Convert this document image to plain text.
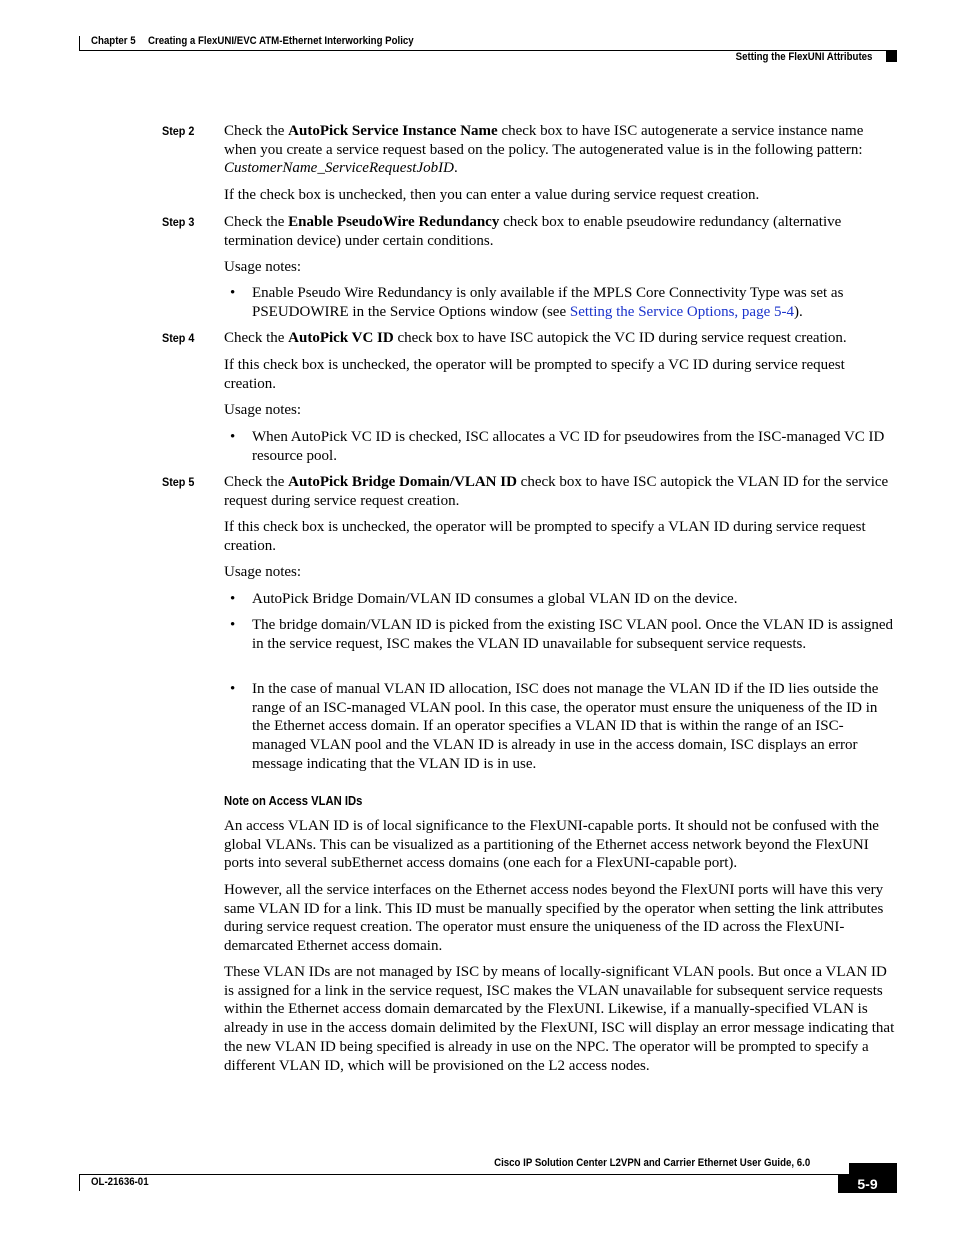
Chapter 5 Creating a FlexUNI/EVC ATM-Ethernet Interworking Policy
Setting the FlexUNI Attributes
Step 2 Check the AutoPick Service Instance Name check box to have ISC autogenerate a service instance name when you create a service request based on the policy. The autogenerated value is in the following pattern: CustomerName_ServiceRequestJobID.
If the check box is unchecked, then you can enter a value during service request creation.
Step 3 Check the Enable PseudoWire Redundancy check box to enable pseudowire redundancy (alternative termination device) under certain conditions.
Usage notes:
• Enable Pseudo Wire Redundancy is only available if the MPLS Core Connectivity Type was set as PSEUDOWIRE in the Service Options window (see Setting the Service Options, page 5-4).
Step 4 Check the AutoPick VC ID check box to have ISC autopick the VC ID during service request creation.
If this check box is unchecked, the operator will be prompted to specify a VC ID during service request creation.
Usage notes:
• When AutoPick VC ID is checked, ISC allocates a VC ID for pseudowires from the ISC-managed VC ID resource pool.
Step 5 Check the AutoPick Bridge Domain/VLAN ID check box to have ISC autopick the VLAN ID for the service request during service request creation.
If this check box is unchecked, the operator will be prompted to specify a VLAN ID during service request creation.
Usage notes:
• AutoPick Bridge Domain/VLAN ID consumes a global VLAN ID on the device.
• The bridge domain/VLAN ID is picked from the existing ISC VLAN pool. Once the VLAN ID is assigned in the service request, ISC makes the VLAN ID unavailable for subsequent service requests.
• In the case of manual VLAN ID allocation, ISC does not manage the VLAN ID if the ID lies outside the range of an ISC-managed VLAN pool. In this case, the operator must ensure the uniqueness of the ID in the Ethernet access domain. If an operator specifies a VLAN ID that is within the range of an ISC-managed VLAN pool and the VLAN ID is already in use in the access domain, ISC displays an error message indicating that the VLAN ID is in use.
Note on Access VLAN IDs
An access VLAN ID is of local significance to the FlexUNI-capable ports. It should not be confused with the global VLANs. This can be visualized as a partitioning of the Ethernet access network beyond the FlexUNI ports into several subEthernet access domains (one each for a FlexUNI-capable port).
However, all the service interfaces on the Ethernet access nodes beyond the FlexUNI ports will have this very same VLAN ID for a link. This ID must be manually specified by the operator when setting the link attributes during service request creation. The operator must ensure the uniqueness of the ID across the FlexUNI-demarcated Ethernet access domain.
These VLAN IDs are not managed by ISC by means of locally-significant VLAN pools. But once a VLAN ID is assigned for a link in the service request, ISC makes the VLAN unavailable for subsequent service requests within the Ethernet access domain demarcated by the FlexUNI. Likewise, if a manually-specified VLAN is already in use in the access domain delimited by the FlexUNI, ISC will display an error message indicating that the new VLAN ID being specified is already in use on the NPC. The operator will be prompted to specify a different VLAN ID, which will be provisioned on the L2 access nodes.
Cisco IP Solution Center L2VPN and Carrier Ethernet User Guide, 6.0
OL-21636-01	5-9
